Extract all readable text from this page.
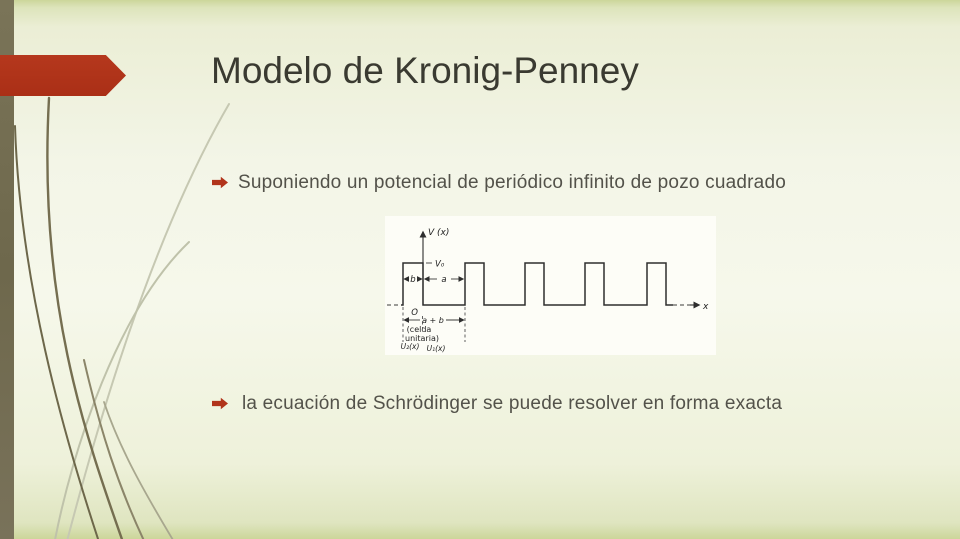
Modelo de Kronig-Penney
Suponiendo un potencial de periódico infinito de pozo cuadrado
x
V (x)
V₀
b	a
O
a + b
(celda
unitaria)
U₂(x) U₁(x)
la ecuación de Schrödinger se puede resolver en forma exacta
